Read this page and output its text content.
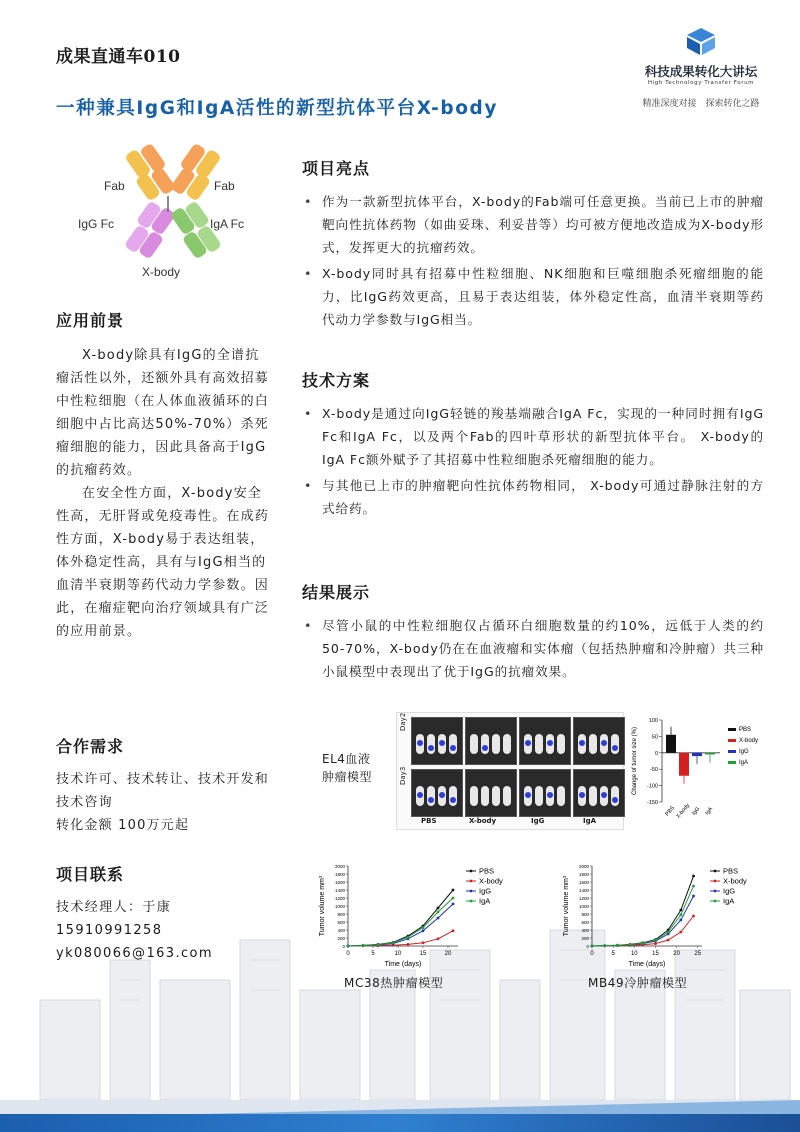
成果直通车010
科技成果转化大讲坛
High Technology Transfer Forum
精准深度对接　探索转化之路
一种兼具IgG和IgA活性的新型抗体平台X-body
Fab	Fab
IgG Fc	IgA Fc
X-body
应用前景

X-body除具有IgG的全谱抗瘤活性以外，还额外具有高效招募中性粒细胞（在人体血液循环的白细胞中占比高达50%-70%）杀死瘤细胞的能力，因此具备高于IgG的抗瘤药效。

在安全性方面，X-body安全性高，无肝肾或免疫毒性。在成药性方面，X-body易于表达组装，体外稳定性高，具有与IgG相当的血清半衰期等药代动力学参数。因此，在瘤症靶向治疗领域具有广泛的应用前景。

合作需求
技术许可、技术转让、技术开发和技术咨询
转化金额 100万元起
项目联系
技术经理人：于康
15910991258
yk080066@163.com
项目亮点
• 作为一款新型抗体平台，X-body的Fab端可任意更换。当前已上市的肿瘤靶向性抗体药物（如曲妥珠、利妥昔等）均可被方便地改造成为X-body形式，发挥更大的抗瘤药效。
• X-body同时具有招募中性粒细胞、NK细胞和巨噬细胞杀死瘤细胞的能力，比IgG药效更高，且易于表达组装，体外稳定性高，血清半衰期等药代动力学参数与IgG相当。
技术方案
• X-body是通过向IgG轻链的羧基端融合IgA Fc，实现的一种同时拥有IgG Fc和IgA Fc，以及两个Fab的四叶草形状的新型抗体平台。 X-body的IgA Fc额外赋予了其招募中性粒细胞杀死瘤细胞的能力。
• 与其他已上市的肿瘤靶向性抗体药物相同， X-body可通过静脉注射的方式给药。
结果展示
• 尽管小鼠的中性粒细胞仅占循环白细胞数量的约10%，远低于人类的约50-70%，X-body仍在在血液瘤和实体瘤（包括热肿瘤和冷肿瘤）共三种小鼠模型中表现出了优于IgG的抗瘤效果。
EL4血液
肿瘤模型
Day2
Day3
PBS	X-body	IgG	IgA
100
50
0
-50
-100
-150
PBS X-body IgG IgA
Change of tumor size (%)	PBS
X-body
IgG
IgA
0
200
400
600
800
1000
1200
1400
1600
1800
2000
0	5	10	15	20
Time (days)
Tumor volume mm³
PBS
X-body
IgG
IgA
0
200
400
600
800
1000
1200
1400
1600
1800
2000
0	5	10 15 20 25
Time (days)
Tumor volume mm³
PBS
X-body
IgG
IgA
MC38热肿瘤模型	MB49冷肿瘤模型
